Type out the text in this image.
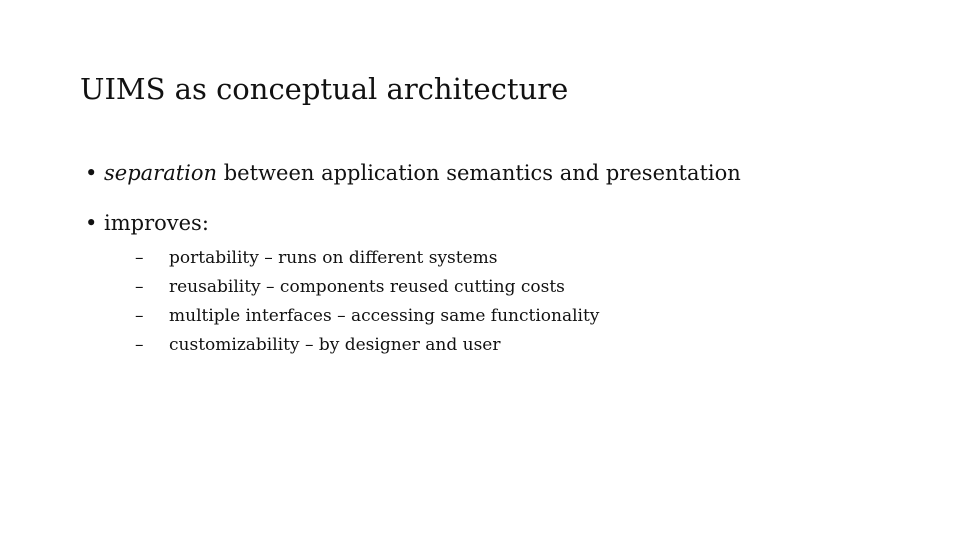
UIMS as conceptual architecture
• separation between application semantics and presentation
• improves:
– portability – runs on different systems
– reusability – components reused cutting costs
– multiple interfaces – accessing same functionality
– customizability – by designer and user
